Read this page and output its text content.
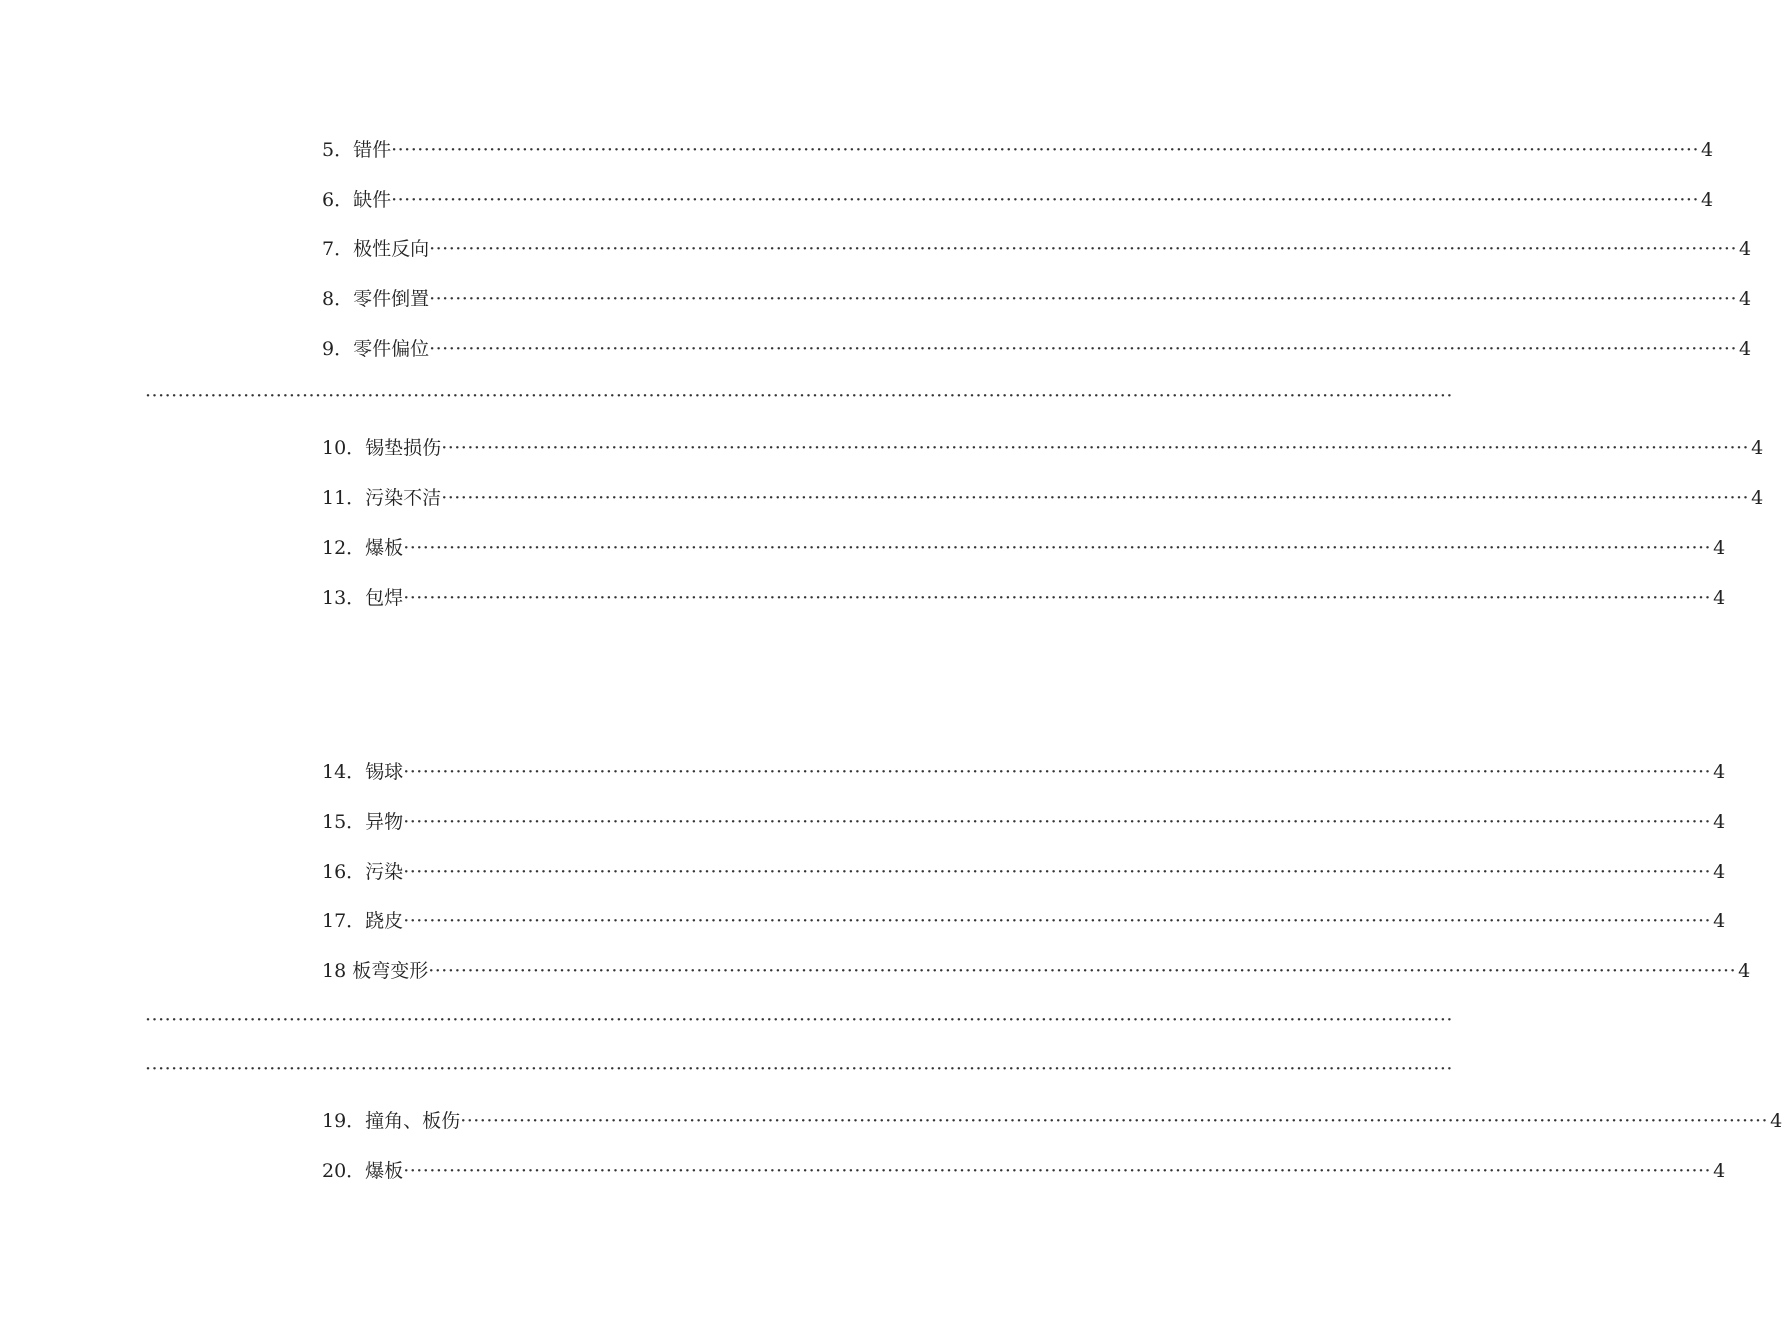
5．错件 ········································································································································································································ 4
6．缺件 ········································································································································································································ 4
7．极性反向 ········································································································································································································ 4
8．零件倒置 ········································································································································································································ 4
9．零件偏位 ········································································································································································································ 4
········································································································································································································
10．锡垫损伤 ········································································································································································································ 4
11．污染不洁 ········································································································································································································ 4
12．爆板 ········································································································································································································ 4
13．包焊 ········································································································································································································ 4
14．锡球 ········································································································································································································ 4
15．异物 ········································································································································································································ 4
16．污染 ········································································································································································································ 4
17．跷皮 ········································································································································································································ 4
18 板弯变形 ········································································································································································································ 4
········································································································································································································
········································································································································································································
19．撞角、板伤 ········································································································································································································ 4
20．爆板 ········································································································································································································ 4
